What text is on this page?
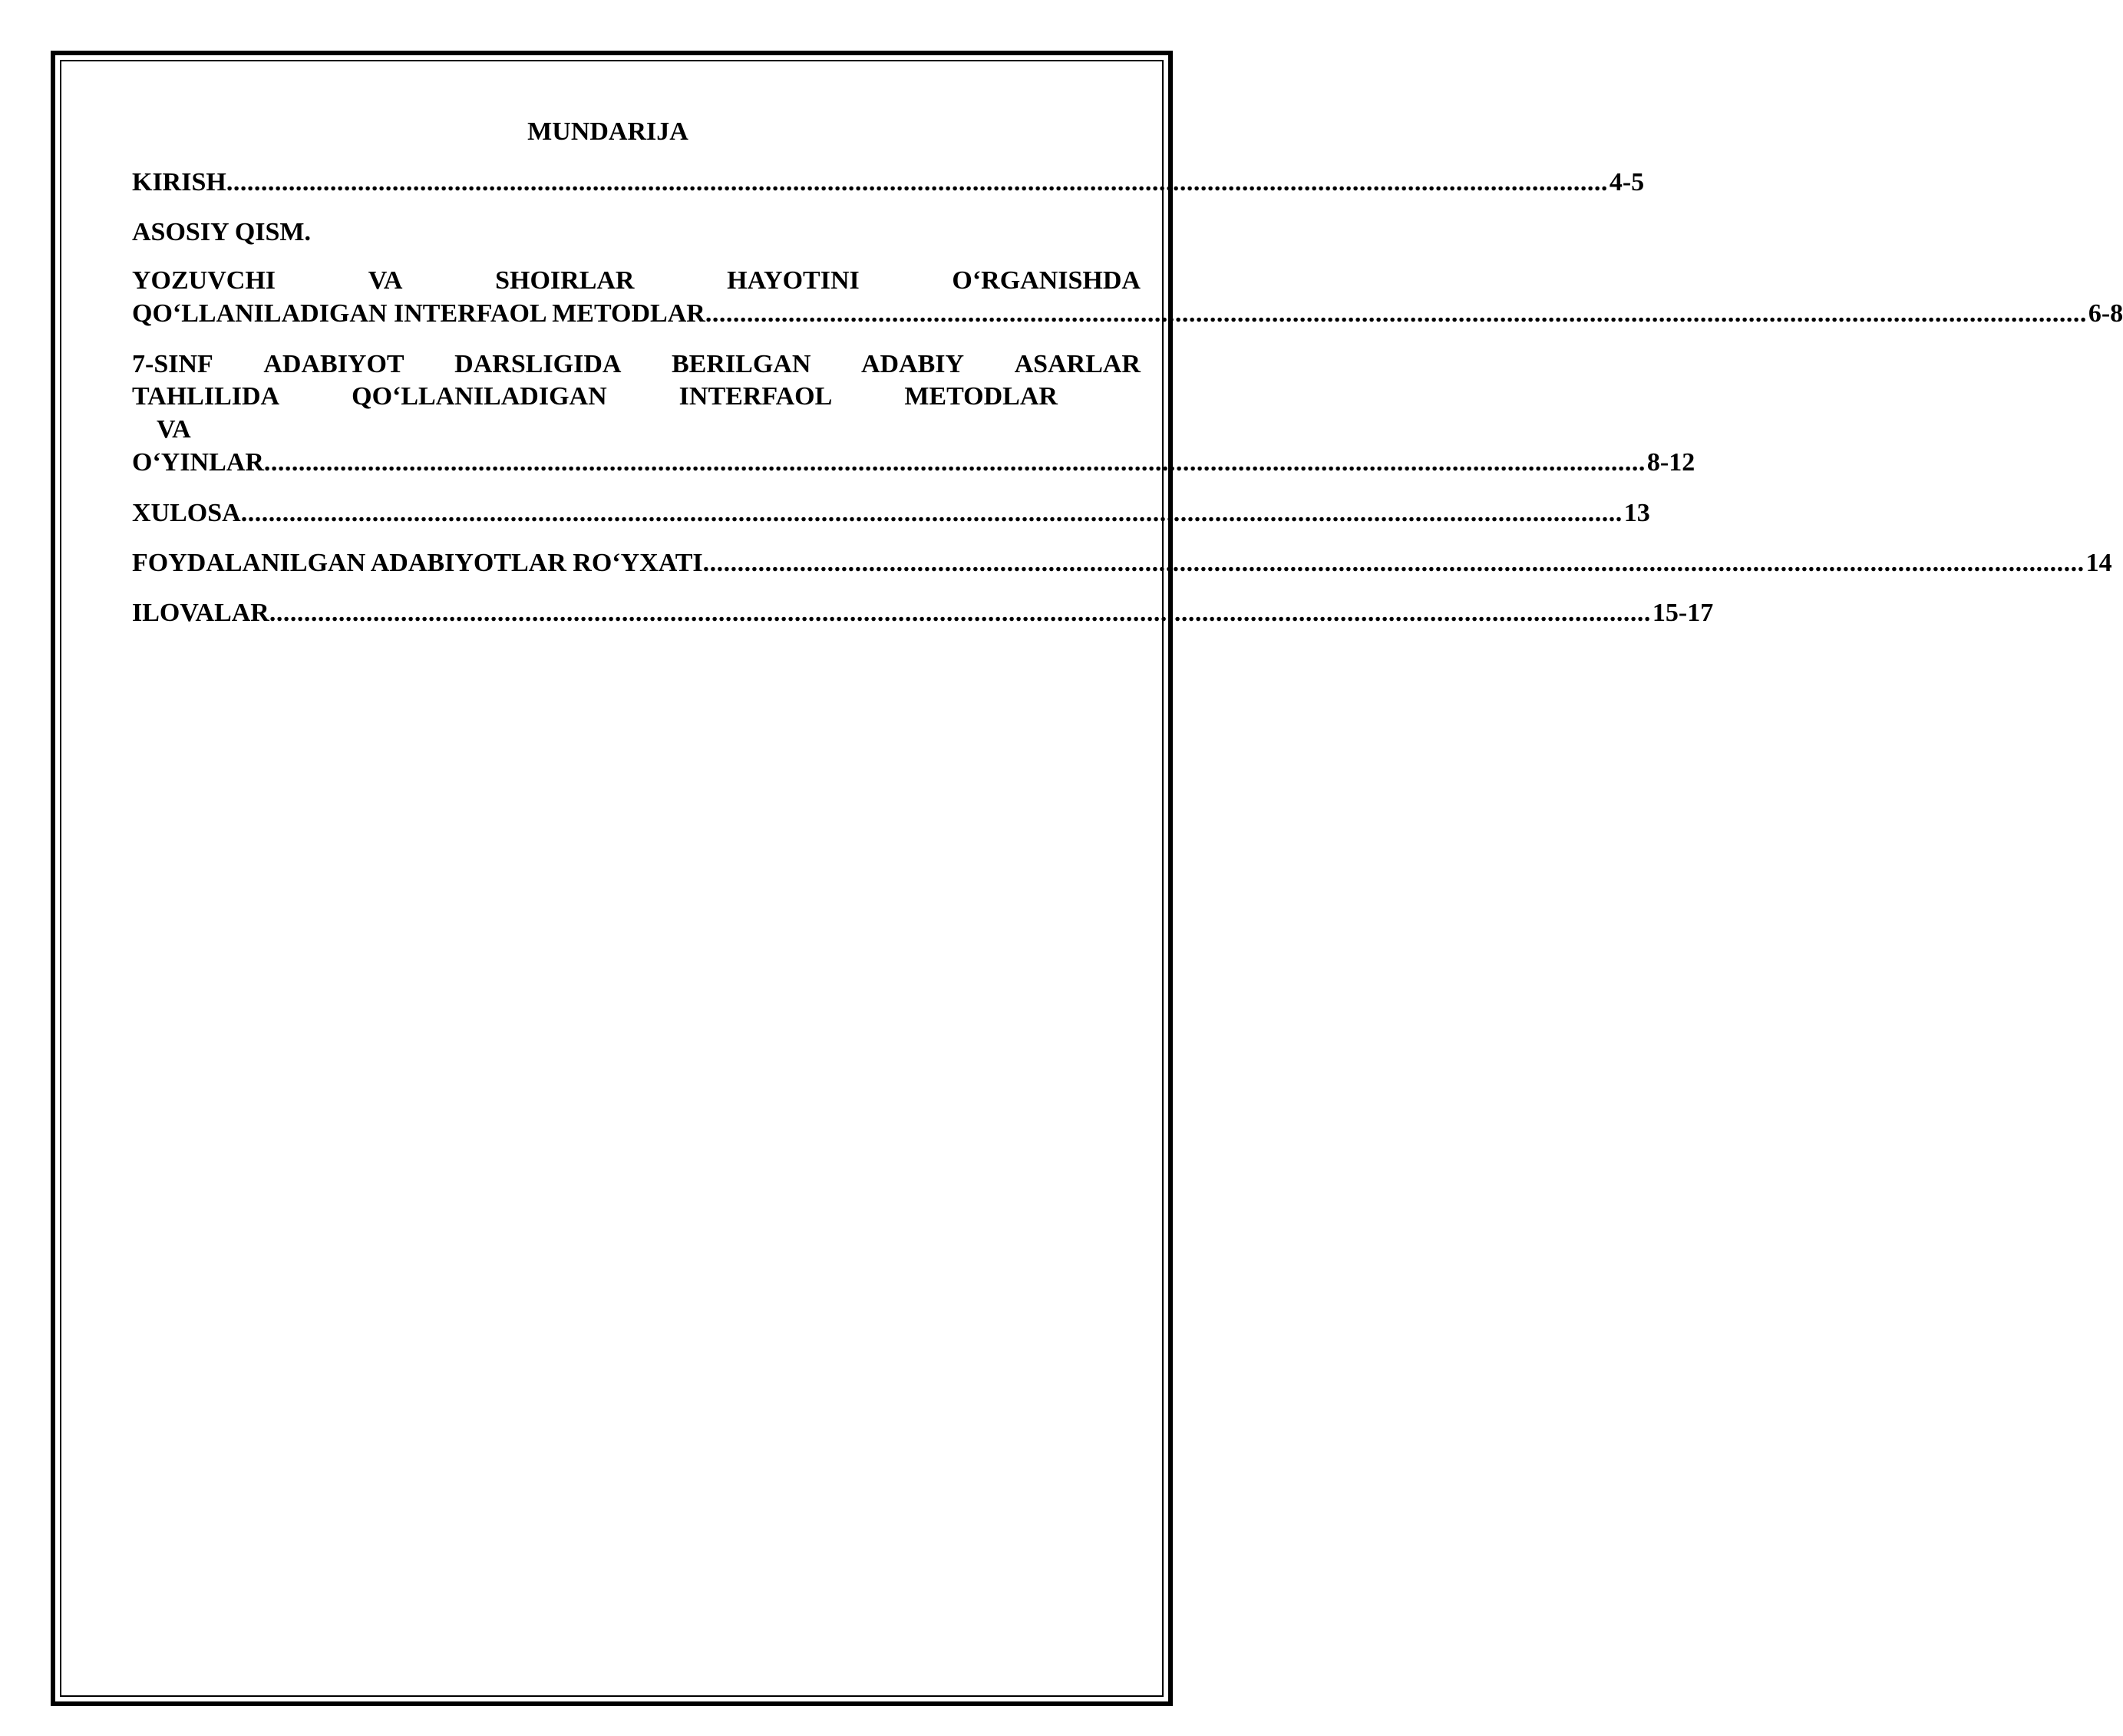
MUNDARIJA
KIRISH ........................................................................................................................................................................................................ 4-5
ASOSIY QISM.
YOZUVCHI	VA	SHOIRLAR	HAYOTINI	O‘RGANISHDA
QO‘LLANILADIGAN INTERFAOL METODLAR ........................................................................................................................................................................................................ 6-8
7-SINF ADABIYOT DARSLIGIDA BERILGAN ADABIY ASARLAR
TAHLILIDA	QO‘LLANILADIGAN	INTERFAOL	METODLAR
VA
O‘YINLAR ........................................................................................................................................................................................................ 8-12
XULOSA ........................................................................................................................................................................................................ 13
FOYDALANILGAN ADABIYOTLAR RO‘YXATI ........................................................................................................................................................................................................ 14
ILOVALAR ........................................................................................................................................................................................................ 15-17
